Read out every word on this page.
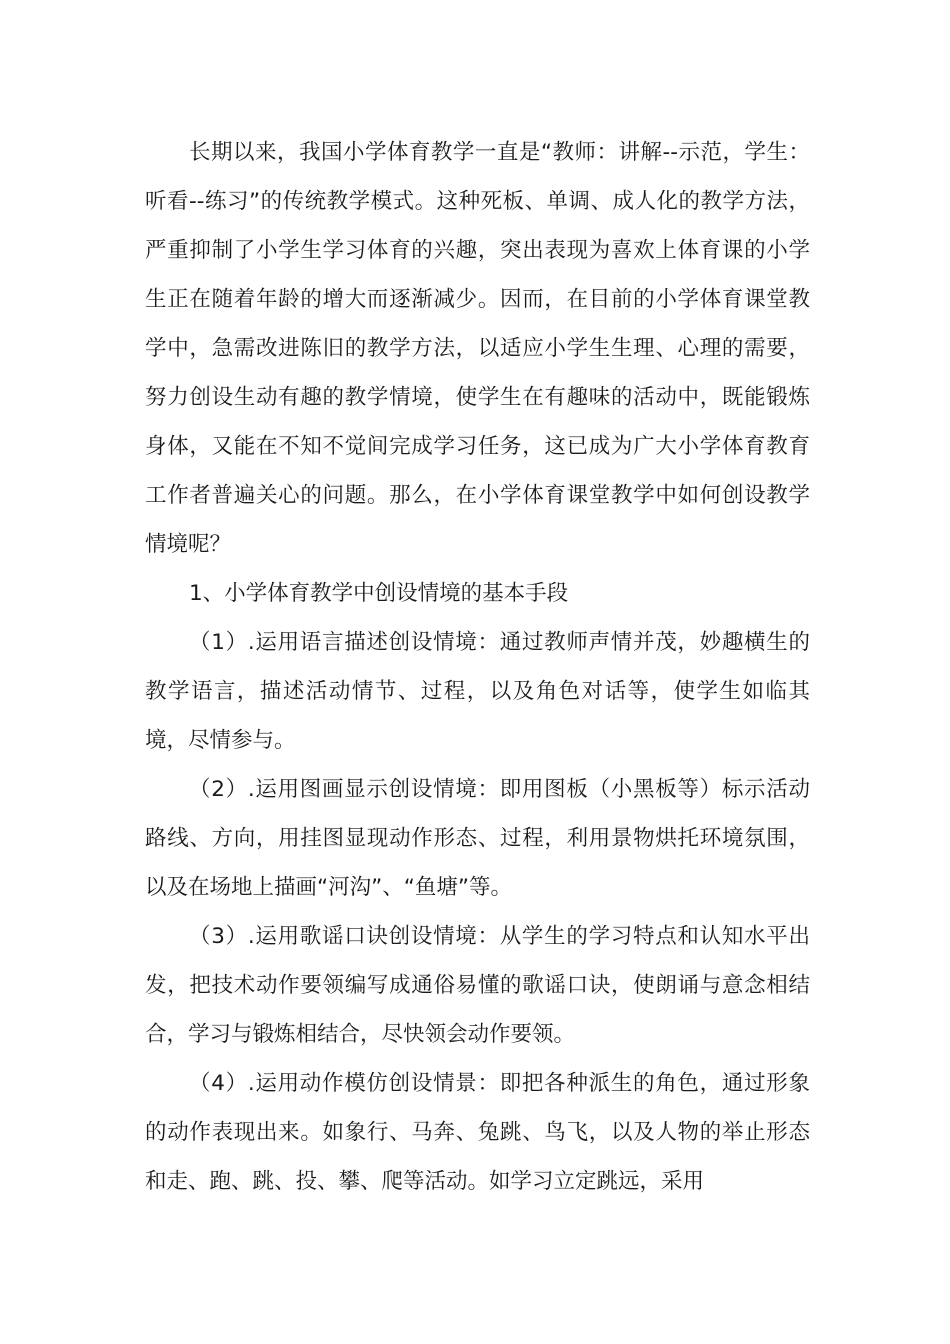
长期以来，我国小学体育教学一直是“教师：讲解--示范，学生：听看--练习”的传统教学模式。这种死板、单调、成人化的教学方法，严重抑制了小学生学习体育的兴趣，突出表现为喜欢上体育课的小学生正在随着年龄的增大而逐渐减少。因而，在目前的小学体育课堂教学中，急需改进陈旧的教学方法，以适应小学生生理、心理的需要，努力创设生动有趣的教学情境，使学生在有趣味的活动中，既能锻炼身体，又能在不知不觉间完成学习任务，这已成为广大小学体育教育工作者普遍关心的问题。那么，在小学体育课堂教学中如何创设教学情境呢？

1、小学体育教学中创设情境的基本手段

（1）.运用语言描述创设情境：通过教师声情并茂，妙趣横生的教学语言，描述活动情节、过程，以及角色对话等，使学生如临其境，尽情参与。

（2）.运用图画显示创设情境：即用图板（小黑板等）标示活动路线、方向，用挂图显现动作形态、过程，利用景物烘托环境氛围，以及在场地上描画“河沟”、“鱼塘”等。

（3）.运用歌谣口诀创设情境：从学生的学习特点和认知水平出发，把技术动作要领编写成通俗易懂的歌谣口诀，使朗诵与意念相结合，学习与锻炼相结合，尽快领会动作要领。

（4）.运用动作模仿创设情景：即把各种派生的角色，通过形象的动作表现出来。如象行、马奔、兔跳、鸟飞，以及人物的举止形态和走、跑、跳、投、攀、爬等活动。如学习立定跳远，采用
